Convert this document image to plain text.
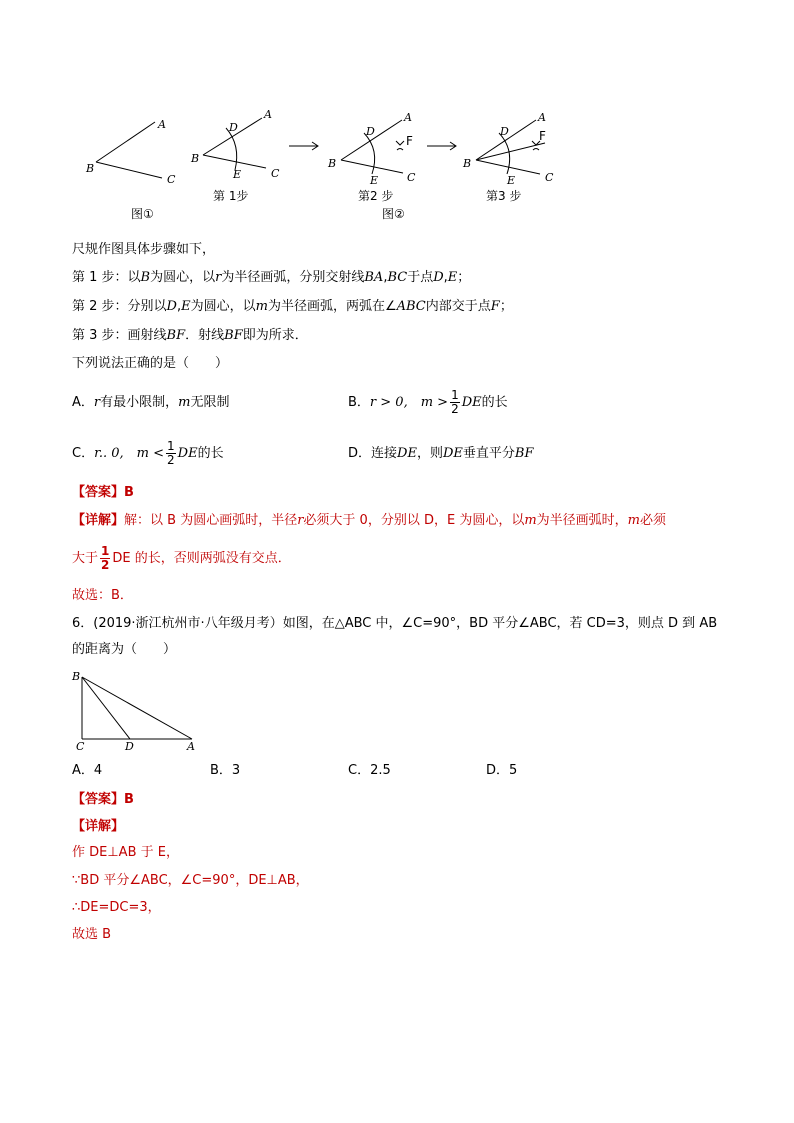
A
B
C
图①
A
B
D
E	C
第 1步
A
B
D
F
E	C
第2 步
图②
A
B
D	F
E	C
第3 步
尺规作图具体步骤如下，
第 1 步：以B为圆心，以r为半径画弧，分别交射线BA,BC于点D,E；
第 2 步：分别以D,E为圆心，以m为半径画弧，两弧在∠ABC内部交于点F；
第 3 步：画射线BF．射线BF即为所求．
下列说法正确的是（　　）
A．r有最小限制，m无限制	B．r > 0,　$m > \frac{1}{2}$ DE的长
C．r.. 0,　$m < \frac{1}{2}$ DE的长	D．连接DE，则DE垂直平分BF
【答案】B
【详解】解：以 B 为圆心画弧时，半径r必须大于 0，分别以 D，E 为圆心，以m为半径画弧时，m必须
大于 $\frac{1}{2}$ DE 的长，否则两弧没有交点．
故选：B．
6．(2019·浙江杭州市·八年级月考）如图，在△ABC 中，∠C=90°，BD 平分∠ABC，若 CD=3，则点 D 到 AB
的距离为（　　）
B
C	D	A
A．4	B．3	C．2.5	D．5
【答案】B
【详解】
作 DE⊥AB 于 E，
∵BD 平分∠ABC，∠C=90°，DE⊥AB，
∴DE=DC=3，
故选 B
